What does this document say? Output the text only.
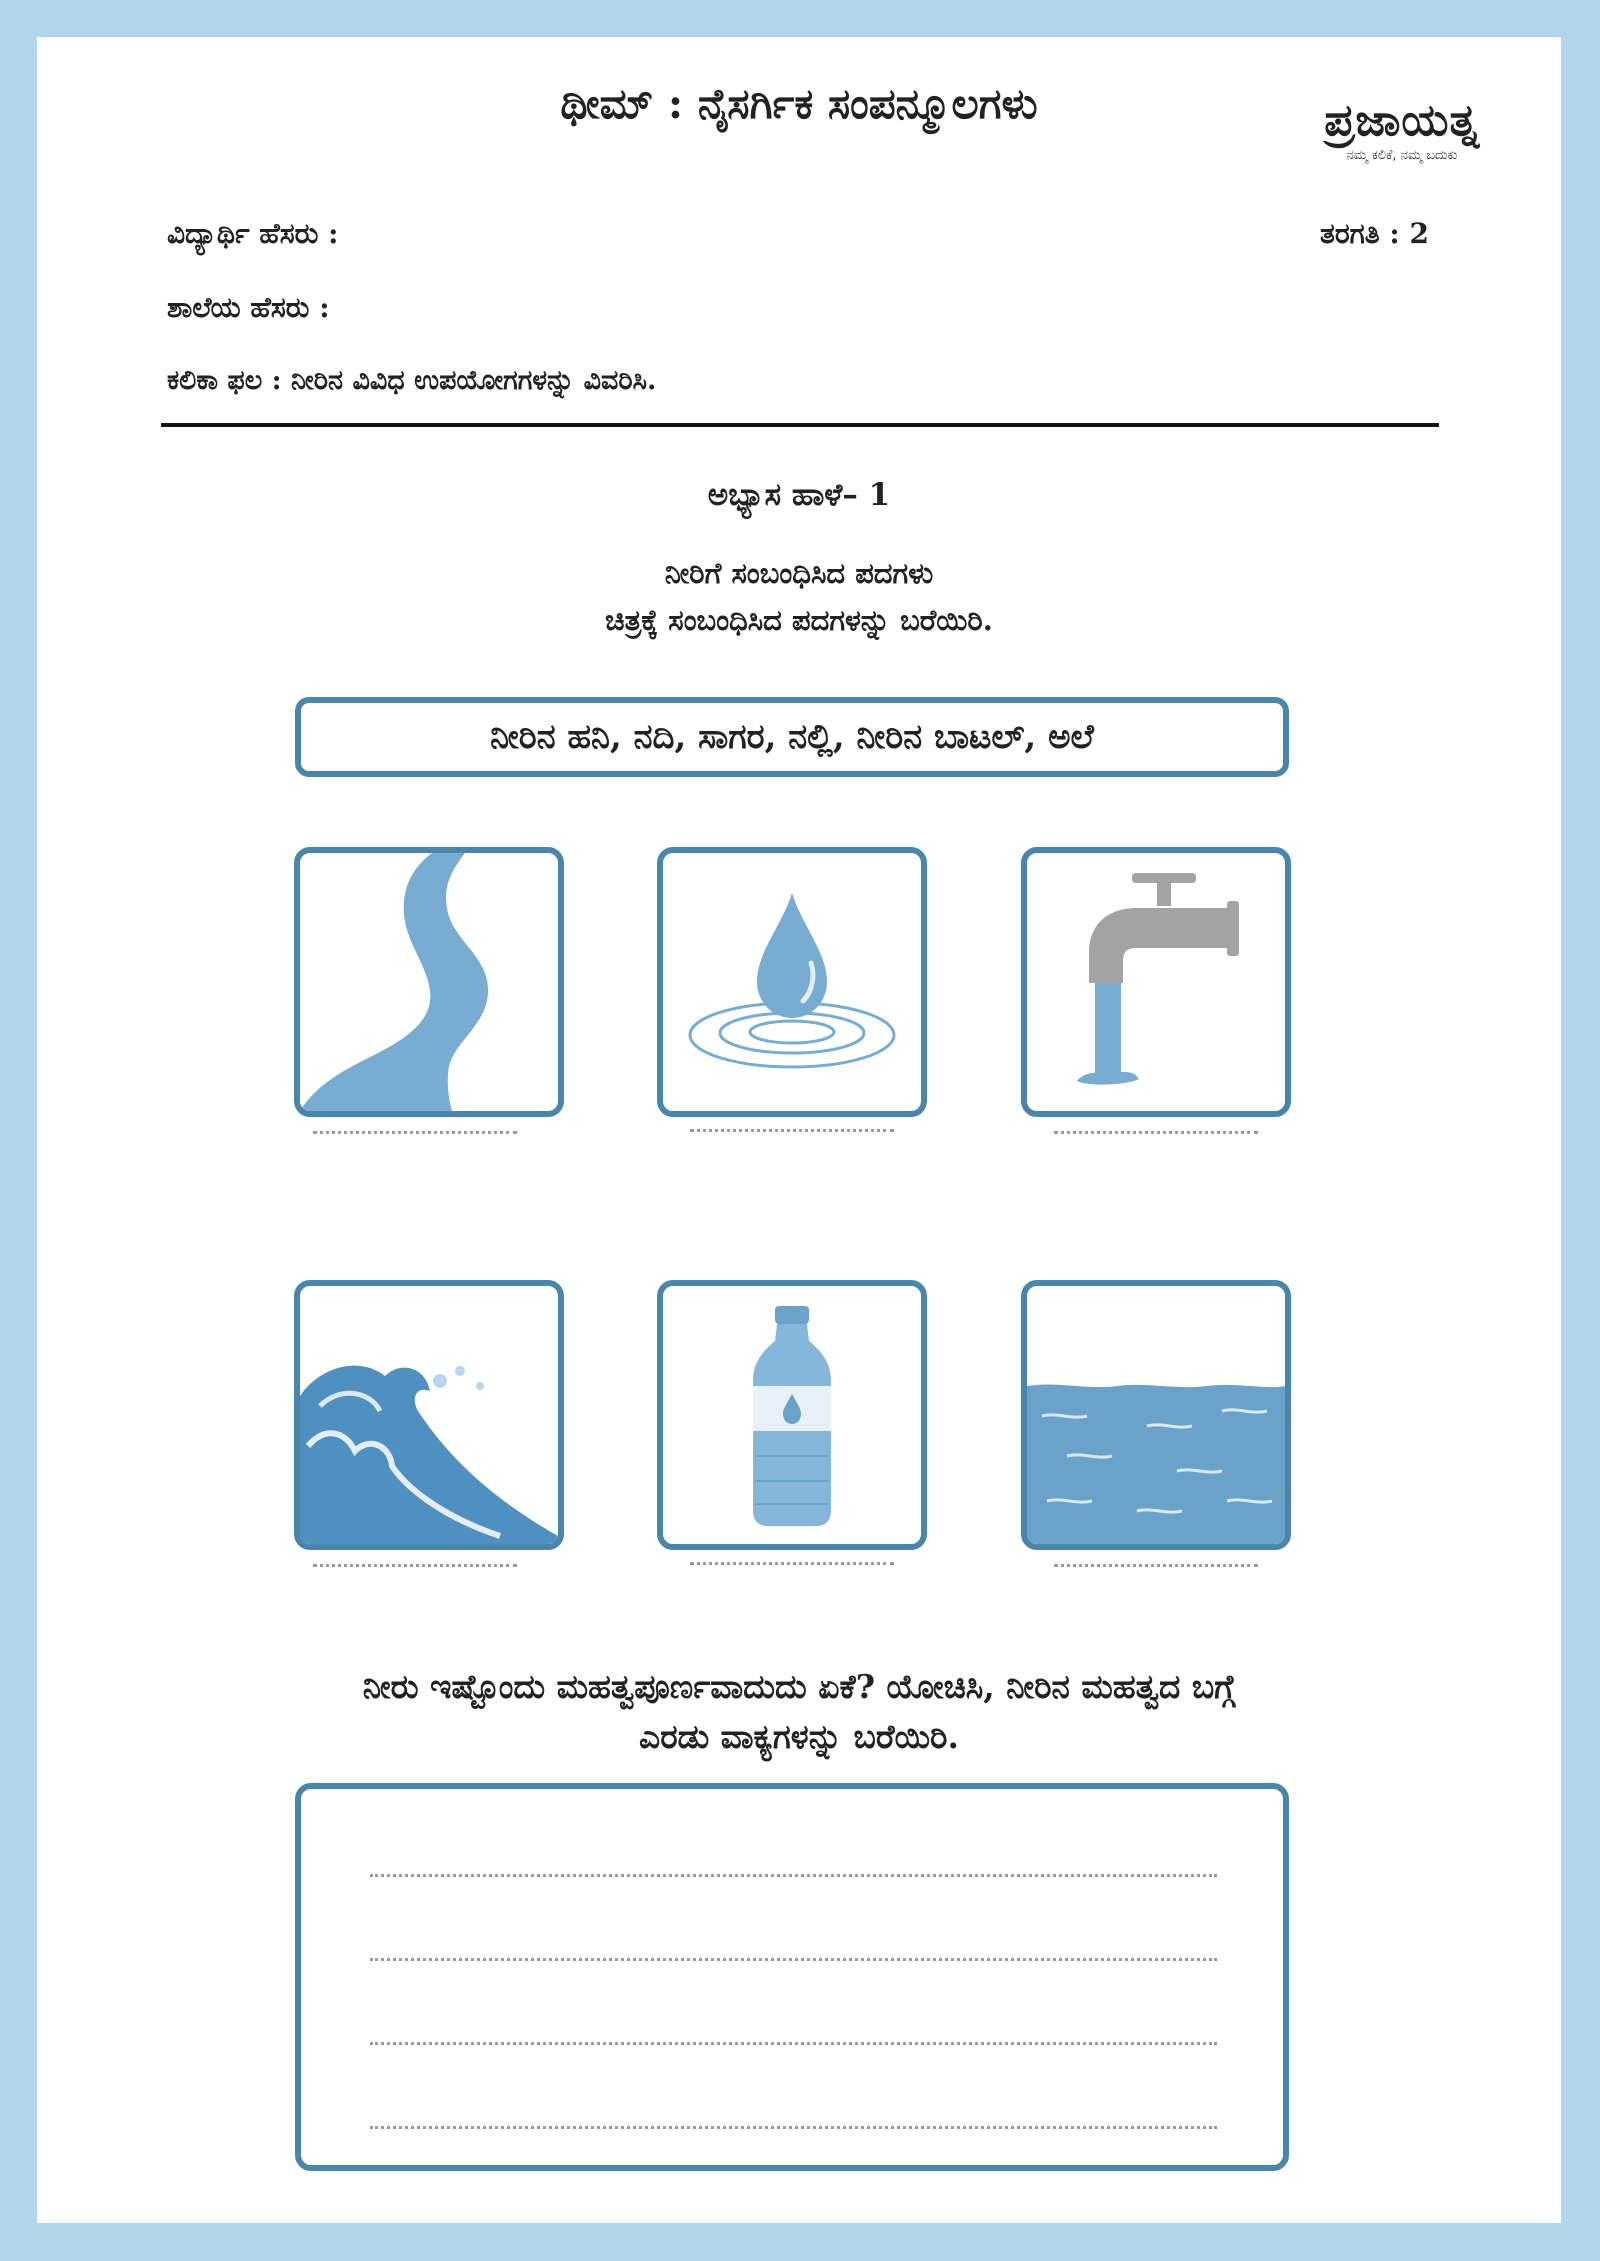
ಥೀಮ್ : ನೈಸರ್ಗಿಕ ಸಂಪನ್ಮೂಲಗಳು	ಪ್ರಜಾಯತ್ನ
ನಮ್ಮ ಕಲಿಕೆ, ನಮ್ಮ ಬದುಕು
ವಿದ್ಯಾರ್ಥಿ ಹೆಸರು :	ತರಗತಿ : 2
ಶಾಲೆಯ ಹೆಸರು :
ಕಲಿಕಾ ಫಲ : ನೀರಿನ ವಿವಿಧ ಉಪಯೋಗಗಳನ್ನು ವಿವರಿಸಿ.
ಅಭ್ಯಾಸ ಹಾಳೆ– 1
ನೀರಿಗೆ ಸಂಬಂಧಿಸಿದ ಪದಗಳು
ಚಿತ್ರಕ್ಕೆ ಸಂಬಂಧಿಸಿದ ಪದಗಳನ್ನು ಬರೆಯಿರಿ.
ನೀರಿನ ಹನಿ, ನದಿ, ಸಾಗರ, ನಲ್ಲಿ, ನೀರಿನ ಬಾಟಲ್, ಅಲೆ
ನೀರು ಇಷ್ಟೊಂದು ಮಹತ್ವಪೂರ್ಣವಾದುದು ಏಕೆ? ಯೋಚಿಸಿ, ನೀರಿನ ಮಹತ್ವದ ಬಗ್ಗೆ
ಎರಡು ವಾಕ್ಯಗಳನ್ನು ಬರೆಯಿರಿ.
